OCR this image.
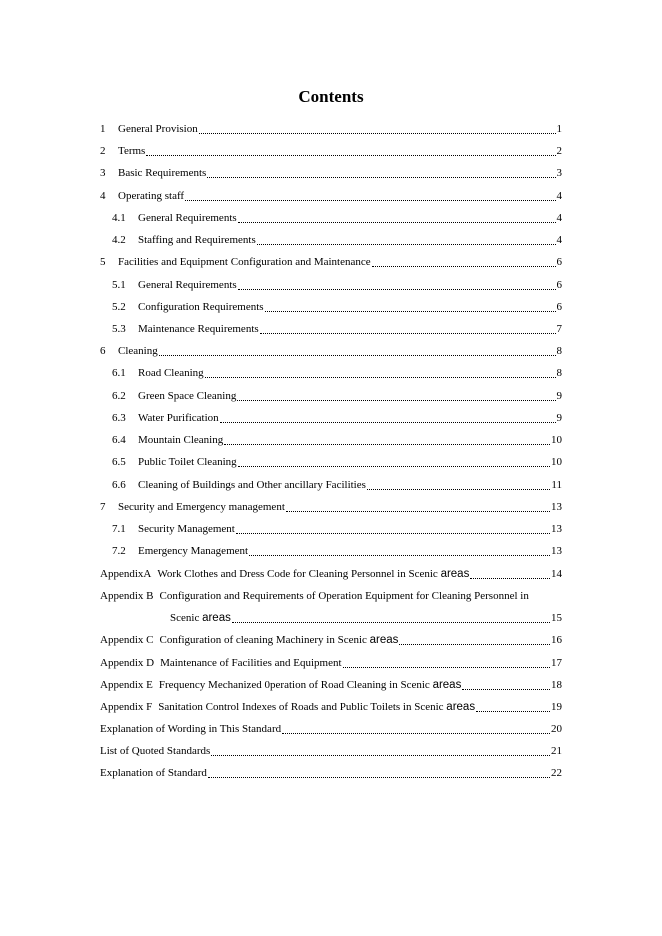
Contents
1	General Provision	1
2	Terms	2
3	Basic Requirements	3
4	Operating staff	4
4.1	General Requirements	4
4.2	Staffing and Requirements	4
5	Facilities and Equipment Configuration and Maintenance	6
5.1	General Requirements	6
5.2	Configuration Requirements	6
5.3	Maintenance Requirements	7
6	Cleaning	8
6.1	Road Cleaning	8
6.2	Green Space Cleaning	9
6.3	Water Purification	9
6.4	Mountain Cleaning	10
6.5	Public Toilet Cleaning	10
6.6	Cleaning of Buildings and Other ancillary Facilities	11
7	Security and Emergency management	13
7.1	Security Management	13
7.2	Emergency Management	13
AppendixA Work Clothes and Dress Code for Cleaning Personnel in Scenic areas	14
Appendix B Configuration and Requirements of Operation Equipment for Cleaning Personnel in
Scenic areas	15
Appendix C Configuration of cleaning Machinery in Scenic areas	16
Appendix D Maintenance of Facilities and Equipment	17
Appendix E Frequency Mechanized 0peration of Road Cleaning in Scenic areas	18
Appendix F Sanitation Control Indexes of Roads and Public Toilets in Scenic areas	19
Explanation of Wording in This Standard	20
List of Quoted Standards	21
Explanation of Standard	22
